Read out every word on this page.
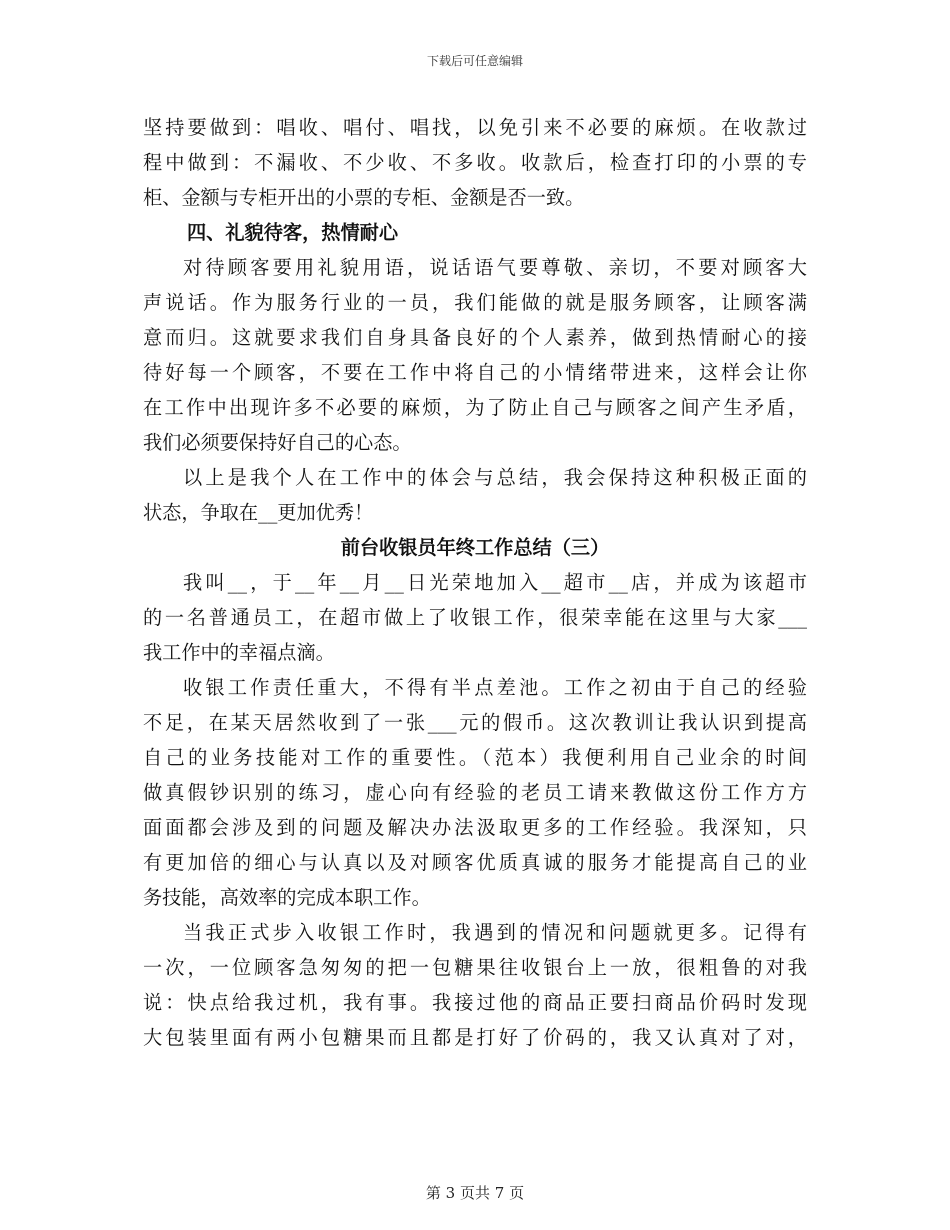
下载后可任意编辑
坚持要做到：唱收、唱付、唱找，以免引来不必要的麻烦。在收款过
程中做到：不漏收、不少收、不多收。收款后，检查打印的小票的专
柜、金额与专柜开出的小票的专柜、金额是否一致。
四、礼貌待客，热情耐心
对待顾客要用礼貌用语，说话语气要尊敬、亲切，不要对顾客大
声说话。作为服务行业的一员，我们能做的就是服务顾客，让顾客满
意而归。这就要求我们自身具备良好的个人素养，做到热情耐心的接
待好每一个顾客，不要在工作中将自己的小情绪带进来，这样会让你
在工作中出现许多不必要的麻烦，为了防止自己与顾客之间产生矛盾，
我们必须要保持好自己的心态。
以上是我个人在工作中的体会与总结，我会保持这种积极正面的
状态，争取在__更加优秀！
前台收银员年终工作总结（三）
我叫__，于__年__月__日光荣地加入__超市__店，并成为该超市
的一名普通员工，在超市做上了收银工作，很荣幸能在这里与大家___
我工作中的幸福点滴。
收银工作责任重大，不得有半点差池。工作之初由于自己的经验
不足，在某天居然收到了一张___元的假币。这次教训让我认识到提高
自己的业务技能对工作的重要性。（范本）我便利用自己业余的时间
做真假钞识别的练习，虚心向有经验的老员工请来教做这份工作方方
面面都会涉及到的问题及解决办法汲取更多的工作经验。我深知，只
有更加倍的细心与认真以及对顾客优质真诚的服务才能提高自己的业
务技能，高效率的完成本职工作。
当我正式步入收银工作时，我遇到的情况和问题就更多。记得有
一次，一位顾客急匆匆的把一包糖果往收银台上一放，很粗鲁的对我
说：快点给我过机，我有事。我接过他的商品正要扫商品价码时发现
大包装里面有两小包糖果而且都是打好了价码的，我又认真对了对，
第 3 页共 7 页
